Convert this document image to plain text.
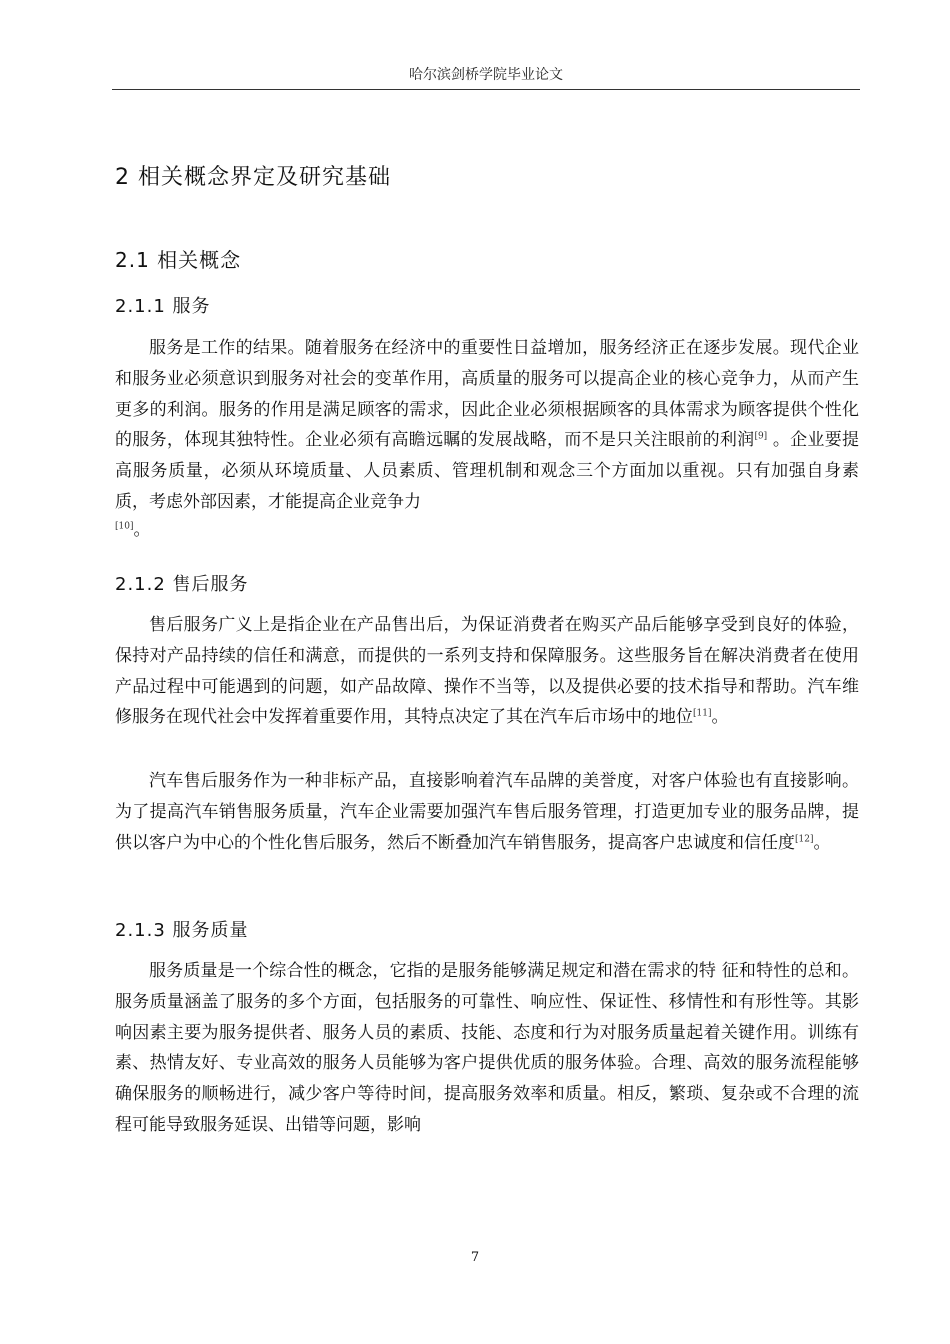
哈尔滨剑桥学院毕业论文
2 相关概念界定及研究基础
2.1 相关概念
2.1.1 服务

服务是工作的结果。随着服务在经济中的重要性日益增加，服务经济正在逐步发展。现代企业和服务业必须意识到服务对社会的变革作用，高质量的服务可以提高企业的核心竞争力，从而产生更多的利润。服务的作用是满足顾客的需求，因此企业必须根据顾客的具体需求为顾客提供个性化的服务，体现其独特性。企业必须有高瞻远瞩的发展战略，而不是只关注眼前的利润[9] 。企业要提高服务质量，必须从环境质量、人员素质、管理机制和观念三个方面加以重视。只有加强自身素质，考虑外部因素，才能提高企业竞争力
[10]。

2.1.2 售后服务

售后服务广义上是指企业在产品售出后，为保证消费者在购买产品后能够享受到良好的体验，保持对产品持续的信任和满意，而提供的一系列支持和保障服务。这些服务旨在解决消费者在使用产品过程中可能遇到的问题，如产品故障、操作不当等，以及提供必要的技术指导和帮助。汽车维修服务在现代社会中发挥着重要作用，其特点决定了其在汽车后市场中的地位[11]。

汽车售后服务作为一种非标产品，直接影响着汽车品牌的美誉度，对客户体验也有直接影响。为了提高汽车销售服务质量，汽车企业需要加强汽车售后服务管理，打造更加专业的服务品牌，提供以客户为中心的个性化售后服务，然后不断叠加汽车销售服务，提高客户忠诚度和信任度[12]。

2.1.3 服务质量

服务质量是一个综合性的概念，它指的是服务能够满足规定和潜在需求的特 征和特性的总和。服务质量涵盖了服务的多个方面，包括服务的可靠性、响应性、保证性、移情性和有形性等。其影响因素主要为服务提供者、服务人员的素质、技能、态度和行为对服务质量起着关键作用。训练有素、热情友好、专业高效的服务人员能够为客户提供优质的服务体验。合理、高效的服务流程能够确保服务的顺畅进行，减少客户等待时间，提高服务效率和质量。相反，繁琐、复杂或不合理的流程可能导致服务延误、出错等问题，影响

7
